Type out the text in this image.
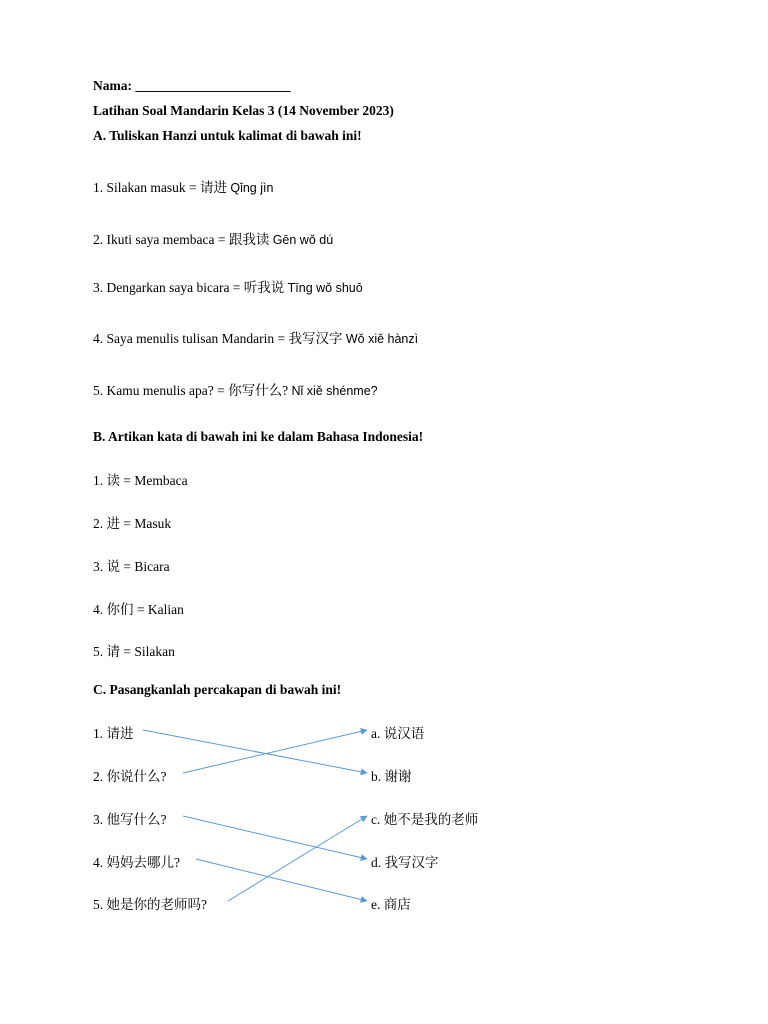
Nama: _______________________
Latihan Soal Mandarin Kelas 3 (14 November 2023)
A. Tuliskan Hanzi untuk kalimat di bawah ini!
1. Silakan masuk = 请进 Qǐng jìn
2. Ikuti saya membaca = 跟我读 Gēn wǒ dú
3. Dengarkan saya bicara = 听我说 Tīng wǒ shuō
4. Saya menulis tulisan Mandarin = 我写汉字 Wǒ xiě hànzì
5. Kamu menulis apa? = 你写什么? Nǐ xiě shénme?
B. Artikan kata di bawah ini ke dalam Bahasa Indonesia!
1. 读 = Membaca
2. 进 = Masuk
3. 说 = Bicara
4. 你们 = Kalian
5. 请 = Silakan
C. Pasangkanlah percakapan di bawah ini!
1. 请进
2. 你说什么?
3. 他写什么?
4. 妈妈去哪儿?
5. 她是你的老师吗?
a. 说汉语
b. 谢谢
c. 她不是我的老师
d. 我写汉字
e. 商店
